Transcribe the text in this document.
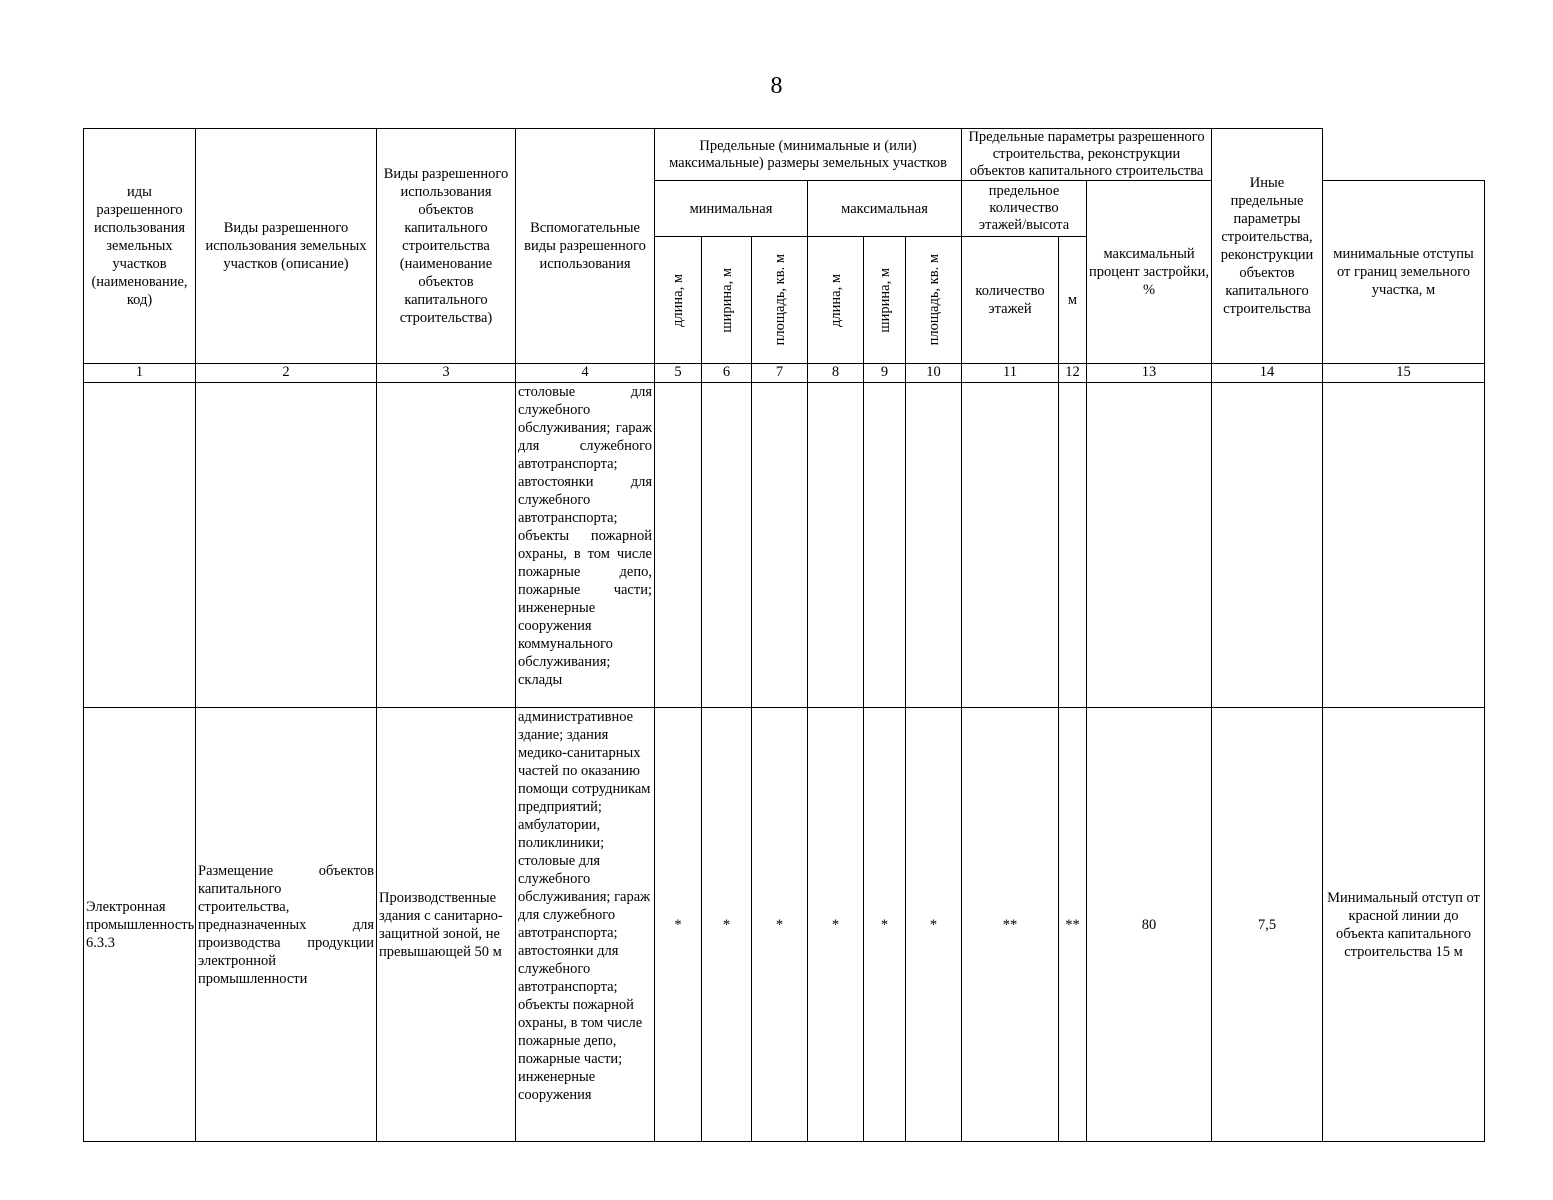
8
иды разрешенного использования земельных участков (наименование, код)	Виды разрешенного использования земельных участков (описание)	Виды разрешенного использования объектов капитального строительства (наименование объектов капитального строительства)	Вспомогательные виды разрешенного использования	Предельные (минимальные и (или) максимальные) размеры земельных участков						Предельные параметры разрешенного строительства, реконструкции объектов капитального строительства			Иные предельные параметры строительства, реконструкции объектов капитального строительства	
				минимальная			максимальная			предельное количество этажей/высота		максимальный процент застройки, %		минимальные отступы от границ земельного участка, м

				длина, м	ширина, м	площадь, кв. м	длина, м	ширина, м	площадь, кв. м	количество этажей	м			
1	2	3	4	5	6	7	8	9	10	11	12	13	14	15
			столовые для служебного обслуживания; гараж для служебного автотранспорта; автостоянки для служебного автотранспорта; объекты пожарной охраны, в том числе пожарные депо, пожарные части; инженерные сооружения коммунального обслуживания; склады											
Электронная промышленность 6.3.3	Размещение объектов капитального строительства, предназначенных для производства продукции электронной промышленности	Производственные здания с санитарно-защитной зоной, не превышающей 50 м	административное здание; здания медико-санитарных частей по оказанию помощи сотрудникам предприятий; амбулатории, поликлиники; столовые для служебного обслуживания; гараж для служебного автотранспорта; автостоянки для служебного автотранспорта; объекты пожарной охраны, в том числе пожарные депо, пожарные части; инженерные сооружения	*	*	*	*	*	*	**	**	80	7,5	Минимальный отступ от красной линии до объекта капитального строительства 15 м
